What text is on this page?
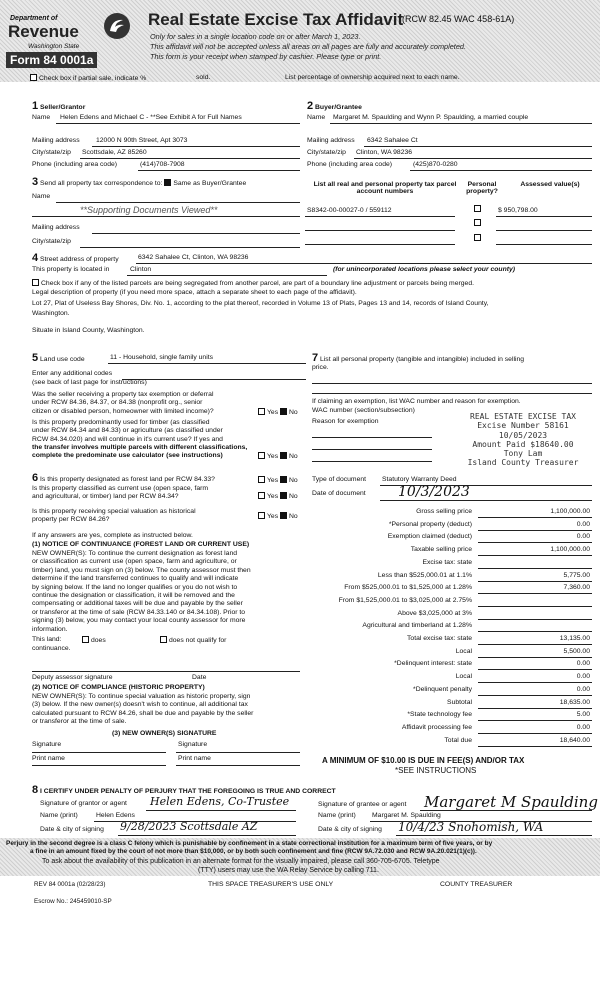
Department of
Revenue
Washington State
Form 84 0001a
Real Estate Excise Tax Affidavit
(RCW 82.45 WAC 458-61A)
Only for sales in a single location code on or after March 1, 2023.
This affidavit will not be accepted unless all areas on all pages are fully and accurately completed.
This form is your receipt when stamped by cashier. Please type or print.
Check box if partial sale, indicate %	sold.	List percentage of ownership acquired next to each name.
1 Seller/Grantor
Name Helen Edens and Michael C - **See Exhibit A for Full Names
Mailing address 12000 N 90th Street, Apt 3073
City/state/zip Scottsdale, AZ 85260
Phone (including area code)	(414)708-7908
2 Buyer/Grantee
Name Margaret M. Spaulding and Wynn P. Spaulding, a married couple
Mailing address 6342 Sahalee Ct
City/state/zip Clinton, WA 98236
Phone (including area code)	(425)870-0280
3 Send all property tax correspondence to: Same as Buyer/Grantee
Name
**Supporting Documents Viewed**
Mailing address
City/state/zip
List all real and personal property tax parcel account numbers
Personal property?
Assessed value(s)
S8342-00-00027-0 / 559112	$ 950,798.00
4 Street address of property	6342 Sahalee Ct, Clinton, WA 98236
This property is located in	Clinton	(for unincorporated locations please select your county)
Check box if any of the listed parcels are being segregated from another parcel, are part of a boundary line adjustment or parcels being merged.
Legal description of property (if you need more space, attach a separate sheet to each page of the affidavit).
Lot 27, Plat of Useless Bay Shores, Div. No. 1, according to the plat thereof, recorded in Volume 13 of Plats, Pages 13 and 14, records of Island County,
Washington.
Situate in Island County, Washington.
5 Land use code	11 - Household, single family units
Enter any additional codes
(see back of last page for instructions)
Was the seller receiving a property tax exemption or deferral
under RCW 84.36, 84.37, or 84.38 (nonprofit org., senior
citizen or disabled person, homeowner with limited income)?	Yes No
Is this property predominantly used for timber (as classified
under RCW 84.34 and 84.33) or agriculture (as classified under
RCW 84.34.020) and will continue in it's current use? If yes and
the transfer involves multiple parcels with different classifications,
complete the predominate use calculator (see instructions)	Yes No
7 List all personal property (tangible and intangible) included in selling
price.
If claiming an exemption, list WAC number and reason for exemption.
WAC number (section/subsection)
Reason for exemption
REAL ESTATE EXCISE TAX
Excise Number 58161
10/05/2023
Amount Paid $18640.00
Tony Lam
Island County Treasurer
Type of document Statutory Warranty Deed
Date of document 10/3/2023
6 Is this property designated as forest land per RCW 84.33?	Yes No
Is this property classified as current use (open space, farm
and agricultural, or timber) land per RCW 84.34?	Yes No
Is this property receiving special valuation as historical
property per RCW 84.26?	Yes No
If any answers are yes, complete as instructed below.
(1) NOTICE OF CONTINUANCE (FOREST LAND OR CURRENT USE)
NEW OWNER(S): To continue the current designation as forest land
or classification as current use (open space, farm and agriculture, or
timber) land, you must sign on (3) below. The county assessor must then
determine if the land transferred continues to qualify and will indicate
by signing below. If the land no longer qualifies or you do not wish to
continue the designation or classification, it will be removed and the
compensating or additional taxes will be due and payable by the seller
or transferor at the time of sale (RCW 84.33.140 or 84.34.108). Prior to
signing (3) below, you may contact your local county assessor for more
information.
This land:	does	does not qualify for
continuance.
Deputy assessor signature	Date
(2) NOTICE OF COMPLIANCE (HISTORIC PROPERTY)
NEW OWNER(S): To continue special valuation as historic property, sign
(3) below. If the new owner(s) doesn't wish to continue, all additional tax
calculated pursuant to RCW 84.26, shall be due and payable by the seller
or transferor at the time of sale.
(3) NEW OWNER(S) SIGNATURE
Signature	Signature
Print name	Print name
Gross selling price	1,100,000.00
*Personal property (deduct)	0.00
Exemption claimed (deduct)	0.00
Taxable selling price	1,100,000.00
Excise tax: state
Less than $525,000.01 at 1.1%	5,775.00
From $525,000.01 to $1,525,000 at 1.28%	7,360.00
From $1,525,000.01 to $3,025,000 at 2.75%
Above $3,025,000 at 3%
Agricultural and timberland at 1.28%
Total excise tax: state	13,135.00
Local	5,500.00
*Delinquent interest: state	0.00
Local	0.00
*Delinquent penalty	0.00
Subtotal	18,635.00
*State technology fee	5.00
Affidavit processing fee	0.00
Total due	18,640.00
A MINIMUM OF $10.00 IS DUE IN FEE(S) AND/OR TAX
*SEE INSTRUCTIONS
8 I CERTIFY UNDER PENALTY OF PERJURY THAT THE FOREGOING IS TRUE AND CORRECT
Signature of grantor or agent Helen Edens, Co-Trustee
Name (print)	Helen Edens
Date & city of signing 9/28/2023 Scottsdale AZ
Signature of grantee or agent Margaret M Spaulding
Name (print) Margaret M. Spaulding
Date & city of signing 10/4/23 Snohomish, WA
Perjury in the second degree is a class C felony which is punishable by confinement in a state correctional institution for a maximum term of five years, or by
a fine in an amount fixed by the court of not more than $10,000, or by both such confinement and fine (RCW 9A.72.030 and RCW 9A.20.021(1)(c)).
To ask about the availability of this publication in an alternate format for the visually impaired, please call 360-705-6705. Teletype
(TTY) users may use the WA Relay Service by calling 711.
REV 84 0001a (02/28/23)	THIS SPACE TREASURER'S USE ONLY	COUNTY TREASURER
Escrow No.: 245459010-SP
